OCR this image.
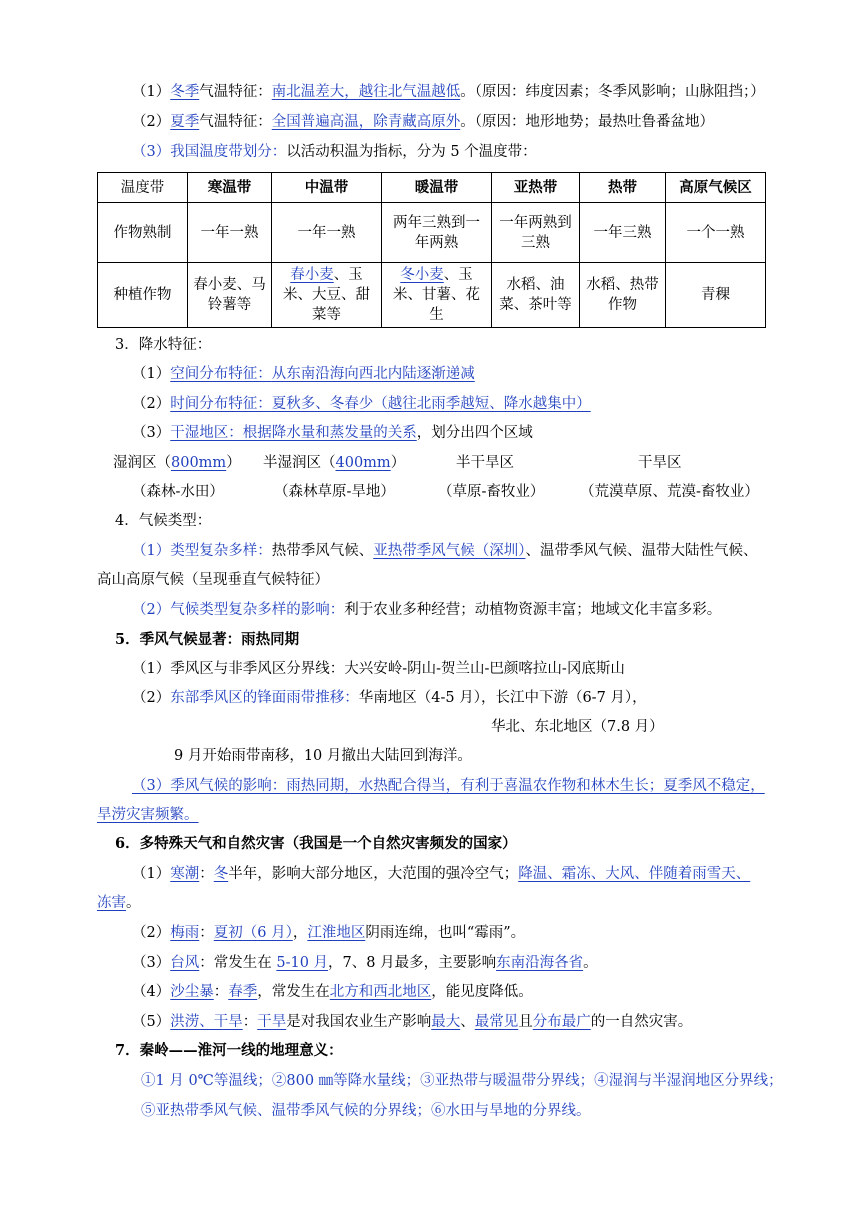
（1）冬季气温特征：南北温差大，越往北气温越低。（原因：纬度因素；冬季风影响；山脉阻挡；）
（2）夏季气温特征：全国普遍高温，除青藏高原外。（原因：地形地势；最热吐鲁番盆地）
（3）我国温度带划分：以活动积温为指标，分为 5 个温度带：
温度带	寒温带	中温带	暖温带	亚热带	热带	高原气候区
作物熟制	一年一熟	一年一熟	两年三熟到一年两熟	一年两熟到三熟	一年三熟	一个一熟
种植作物	春小麦、马铃薯等	春小麦、玉米、大豆、甜菜等	冬小麦、玉米、甘薯、花生	水稻、油菜、茶叶等	水稻、热带作物	青稞
3．降水特征：
（1）空间分布特征：从东南沿海向西北内陆逐渐递减
（2）时间分布特征：夏秋多、冬春少（越往北雨季越短、降水越集中）
（3）干湿地区：根据降水量和蒸发量的关系，划分出四个区域
湿润区（800mm） 半湿润区（400mm）	半干旱区	干旱区
（森林-水田）	（森林草原-旱地）	（草原-畜牧业） （荒漠草原、荒漠-畜牧业）
4．气候类型：
（1）类型复杂多样：热带季风气候、亚热带季风气候（深圳）、温带季风气候、温带大陆性气候、
高山高原气候（呈现垂直气候特征）
（2）气候类型复杂多样的影响：利于农业多种经营；动植物资源丰富；地域文化丰富多彩。
5．季风气候显著：雨热同期
（1）季风区与非季风区分界线：大兴安岭-阴山-贺兰山-巴颜喀拉山-冈底斯山
（2）东部季风区的锋面雨带推移：华南地区（4-5 月），长江中下游（6-7 月），
华北、东北地区（7.8 月）
9 月开始雨带南移，10 月撤出大陆回到海洋。
（3）季风气候的影响：雨热同期，水热配合得当，有利于喜温农作物和林木生长；夏季风不稳定，
旱涝灾害频繁。
6．多特殊天气和自然灾害（我国是一个自然灾害频发的国家）
（1）寒潮：冬半年，影响大部分地区，大范围的强冷空气；降温、霜冻、大风、伴随着雨雪天、
冻害。
（2）梅雨：夏初（6 月），江淮地区阴雨连绵，也叫“霉雨”。
（3）台风：常发生在 5-10 月，7、8 月最多，主要影响东南沿海各省。
（4）沙尘暴：春季，常发生在北方和西北地区，能见度降低。
（5）洪涝、干旱：干旱是对我国农业生产影响最大、最常见且分布最广的一自然灾害。
7．秦岭——淮河一线的地理意义：
①1 月 0℃等温线；②800 ㎜等降水量线；③亚热带与暖温带分界线；④湿润与半湿润地区分界线；
⑤亚热带季风气候、温带季风气候的分界线；⑥水田与旱地的分界线。
